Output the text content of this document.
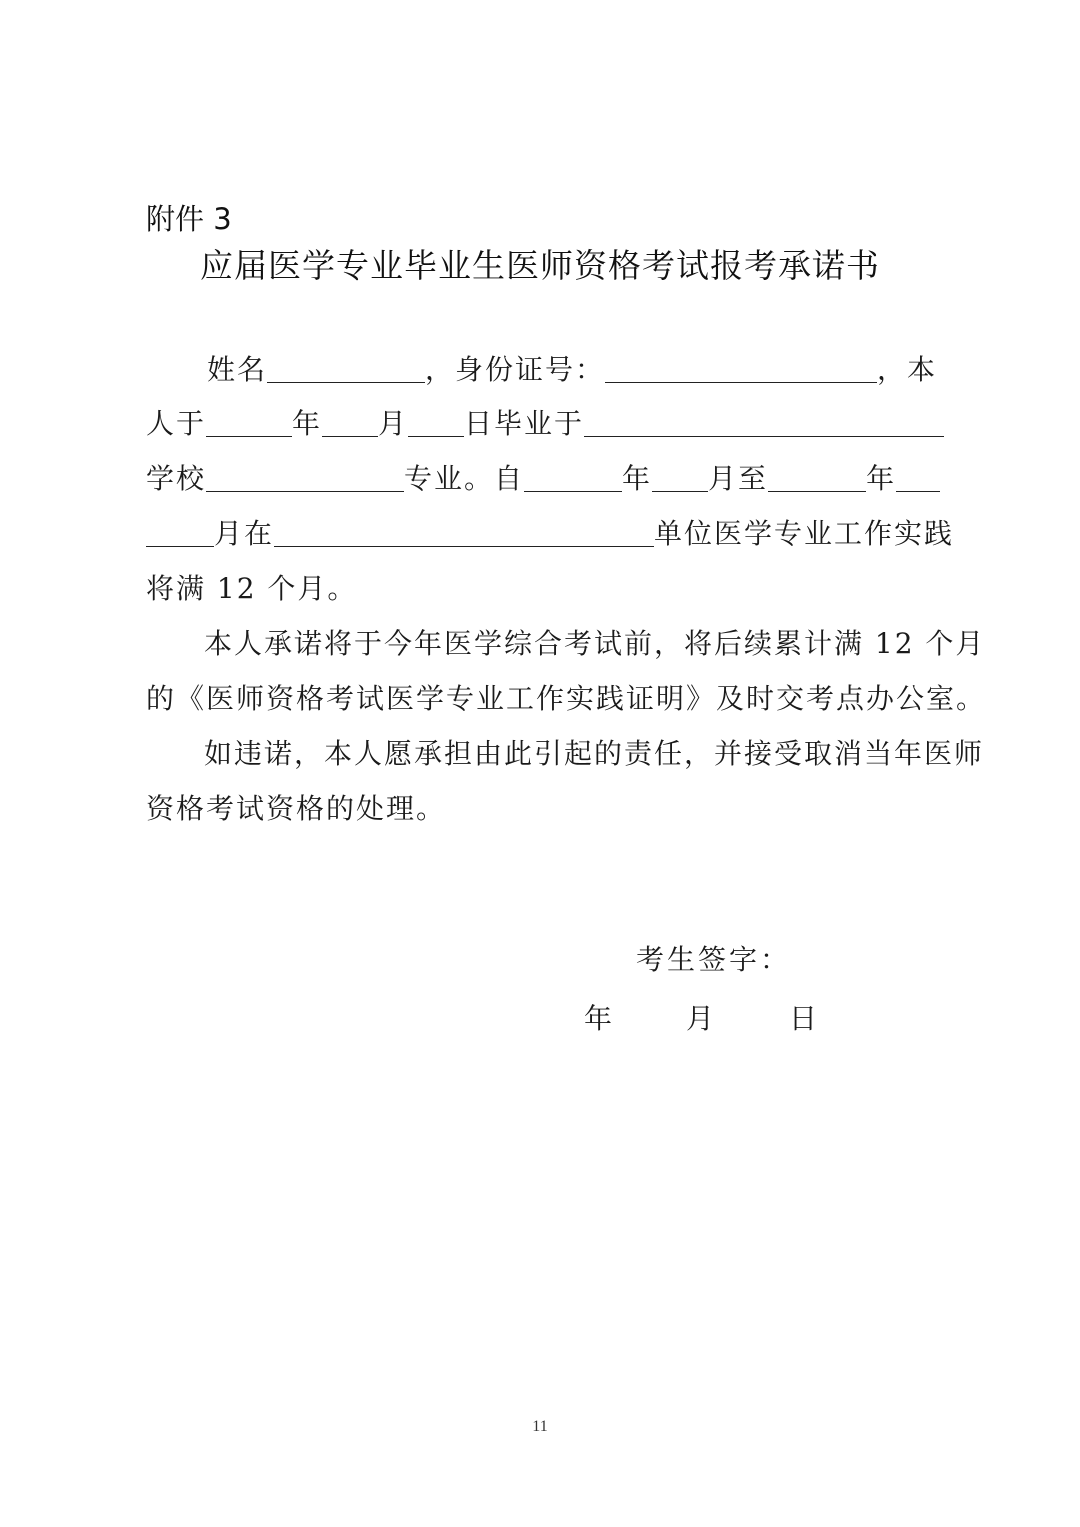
附件 3
应届医学专业毕业生医师资格考试报考承诺书
姓名	，身份证号：	，本
人于	年 月 日毕业于
学校	专业。自	年 月至	年
月在	单位医学专业工作实践
将满 12 个月。
本人承诺将于今年医学综合考试前，将后续累计满 12 个月
的《医师资格考试医学专业工作实践证明》及时交考点办公室。
如违诺，本人愿承担由此引起的责任，并接受取消当年医师
资格考试资格的处理。
考生签字：
年	月	日
11
